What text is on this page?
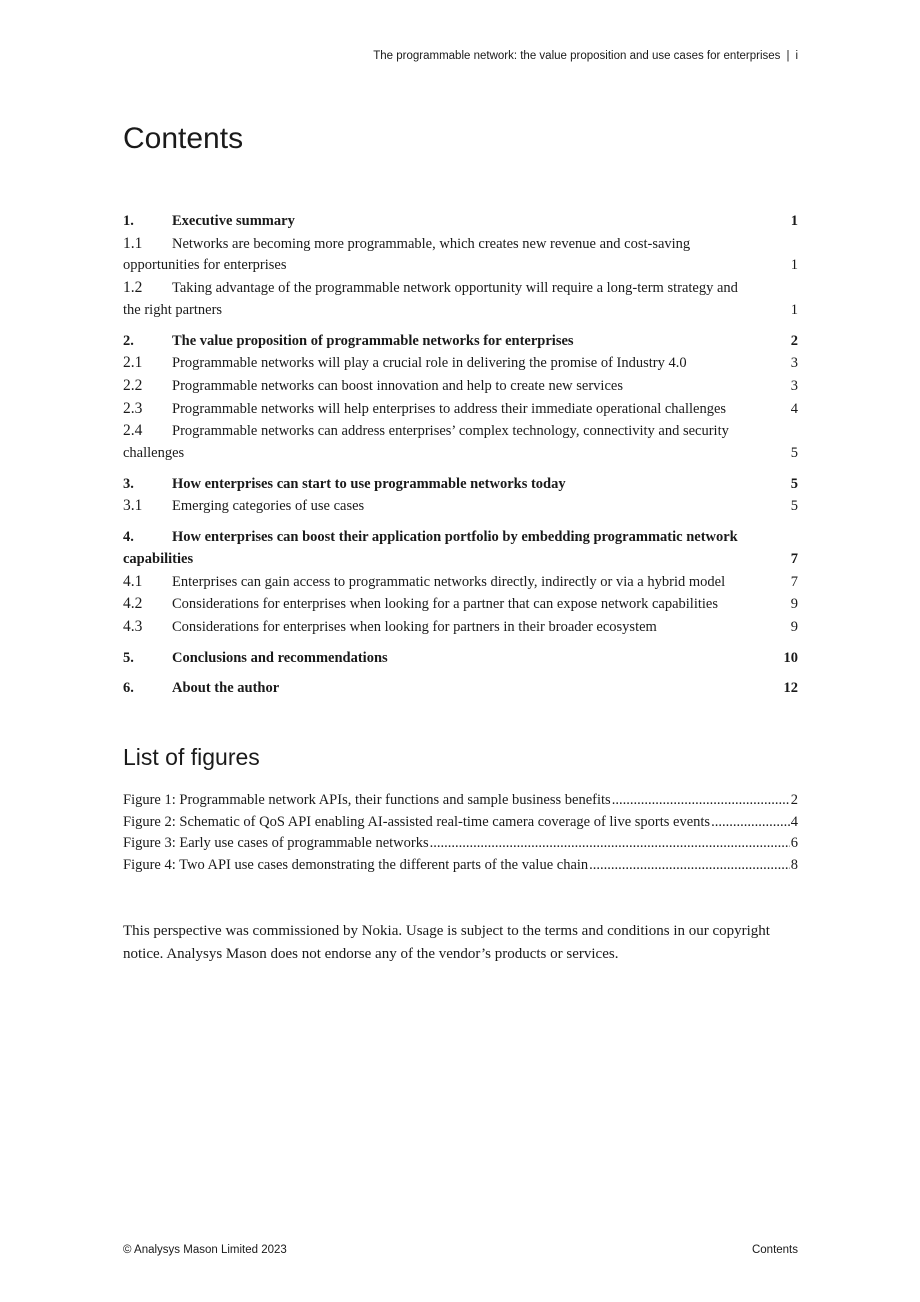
The programmable network: the value proposition and use cases for enterprises | i
Contents
1.	Executive summary	1
1.1 Networks are becoming more programmable, which creates new revenue and cost-saving opportunities for enterprises	1
1.2 Taking advantage of the programmable network opportunity will require a long-term strategy and the right partners	1
2.	The value proposition of programmable networks for enterprises	2
2.1 Programmable networks will play a crucial role in delivering the promise of Industry 4.0	3
2.2 Programmable networks can boost innovation and help to create new services	3
2.3 Programmable networks will help enterprises to address their immediate operational challenges	4
2.4 Programmable networks can address enterprises’ complex technology, connectivity and security challenges	5
3.	How enterprises can start to use programmable networks today	5
3.1 Emerging categories of use cases	5
4.	How enterprises can boost their application portfolio by embedding programmatic network capabilities	7
4.1 Enterprises can gain access to programmatic networks directly, indirectly or via a hybrid model	7
4.2 Considerations for enterprises when looking for a partner that can expose network capabilities	9
4.3 Considerations for enterprises when looking for partners in their broader ecosystem	9
5.	Conclusions and recommendations	10
6.	About the author	12
List of figures
Figure 1: Programmable network APIs, their functions and sample business benefits .....	2
Figure 2: Schematic of QoS API enabling AI-assisted real-time camera coverage of live sports events .....	4
Figure 3: Early use cases of programmable networks .....	6
Figure 4: Two API use cases demonstrating the different parts of the value chain .....	8

This perspective was commissioned by Nokia. Usage is subject to the terms and conditions in our copyright notice. Analysys Mason does not endorse any of the vendor’s products or services.

© Analysys Mason Limited 2023	Contents
